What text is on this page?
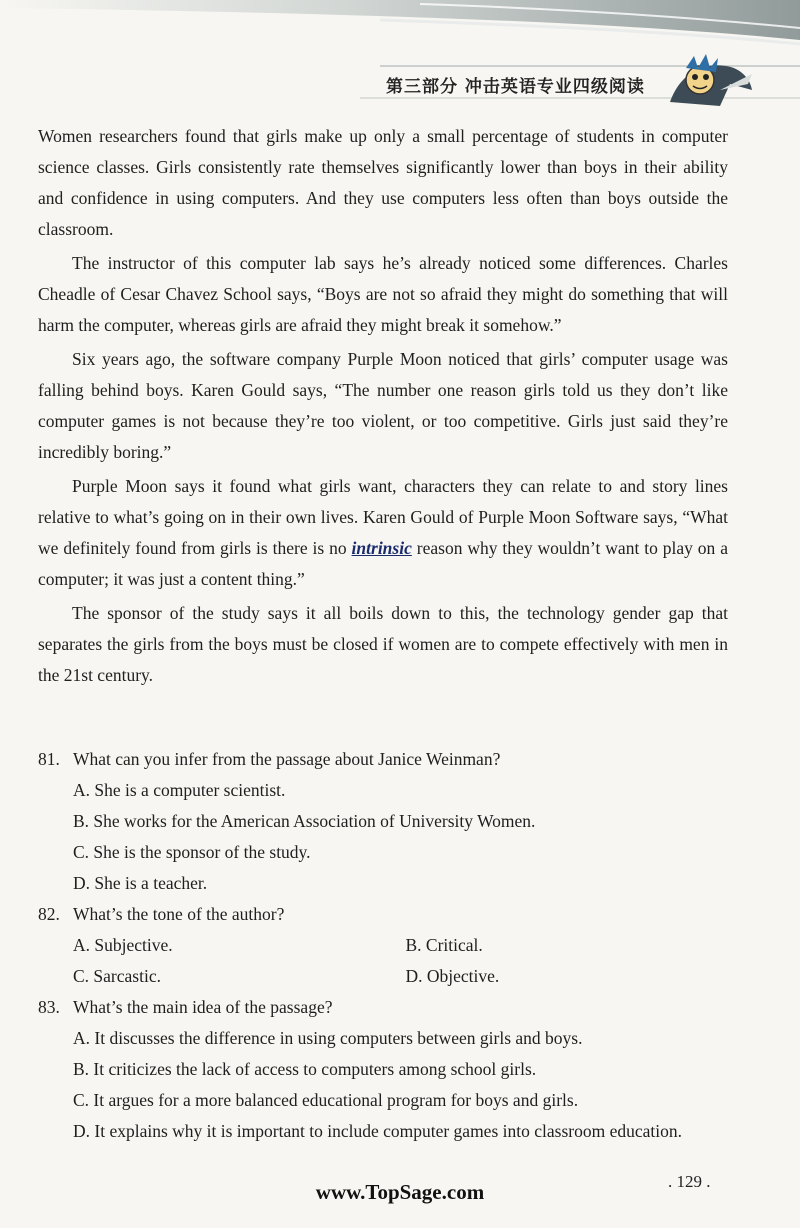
第三部分 冲击英语专业四级阅读

Women researchers found that girls make up only a small percentage of students in computer science classes. Girls consistently rate themselves significantly lower than boys in their ability and confidence in using computers. And they use computers less often than boys outside the classroom.

The instructor of this computer lab says he’s already noticed some differences. Charles Cheadle of Cesar Chavez School says, “Boys are not so afraid they might do something that will harm the computer, whereas girls are afraid they might break it somehow.”

Six years ago, the software company Purple Moon noticed that girls’ computer usage was falling behind boys. Karen Gould says, “The number one reason girls told us they don’t like computer games is not because they’re too violent, or too competitive. Girls just said they’re incredibly boring.”

Purple Moon says it found what girls want, characters they can relate to and story lines relative to what’s going on in their own lives. Karen Gould of Purple Moon Software says, “What we definitely found from girls is there is no intrinsic reason why they wouldn’t want to play on a computer; it was just a content thing.”

The sponsor of the study says it all boils down to this, the technology gender gap that separates the girls from the boys must be closed if women are to compete effectively with men in the 21st century.

81. What can you infer from the passage about Janice Weinman?

A. She is a computer scientist.

B. She works for the American Association of University Women.

C. She is the sponsor of the study.

D. She is a teacher.

82. What’s the tone of the author?

A. Subjective.	B. Critical.
C. Sarcastic.	D. Objective.

83. What’s the main idea of the passage?

A. It discusses the difference in using computers between girls and boys.

B. It criticizes the lack of access to computers among school girls.

C. It argues for a more balanced educational program for boys and girls.

D. It explains why it is important to include computer games into classroom education.

. 129 .
www.TopSage.com
